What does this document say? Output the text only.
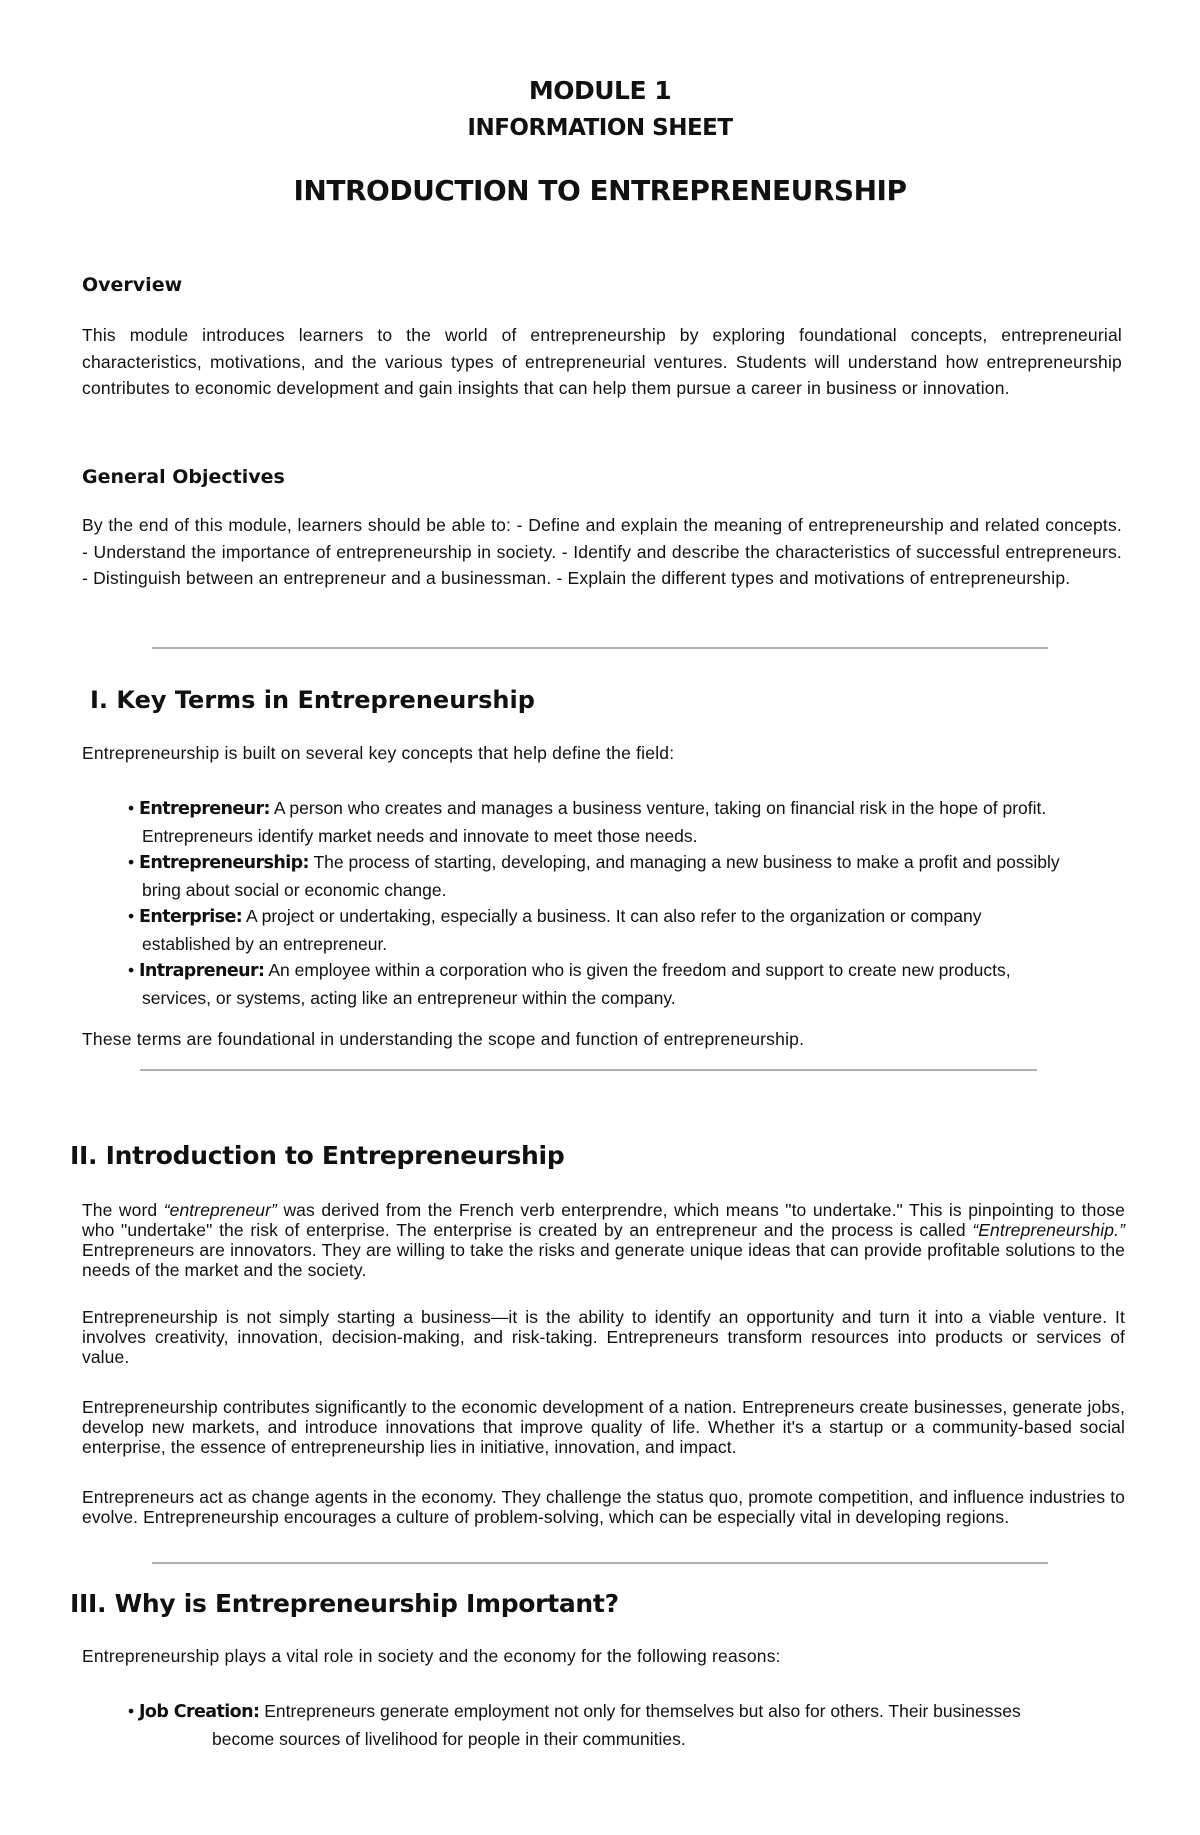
MODULE 1
INFORMATION SHEET
INTRODUCTION TO ENTREPRENEURSHIP
Overview

This module introduces learners to the world of entrepreneurship by exploring foundational concepts, entrepreneurial characteristics, motivations, and the various types of entrepreneurial ventures. Students will understand how entrepreneurship contributes to economic development and gain insights that can help them pursue a career in business or innovation.

General Objectives

By the end of this module, learners should be able to: - Define and explain the meaning of entrepreneurship and related concepts. - Understand the importance of entrepreneurship in society. - Identify and describe the characteristics of successful entrepreneurs. - Distinguish between an entrepreneur and a businessman. - Explain the different types and motivations of entrepreneurship.

I. Key Terms in Entrepreneurship

Entrepreneurship is built on several key concepts that help define the field:

• Entrepreneur: A person who creates and manages a business venture, taking on financial risk in the hope of profit.
Entrepreneurs identify market needs and innovate to meet those needs.
• Entrepreneurship: The process of starting, developing, and managing a new business to make a profit and possibly
bring about social or economic change.
• Enterprise: A project or undertaking, especially a business. It can also refer to the organization or company
established by an entrepreneur.
• Intrapreneur: An employee within a corporation who is given the freedom and support to create new products,
services, or systems, acting like an entrepreneur within the company.

These terms are foundational in understanding the scope and function of entrepreneurship.

II. Introduction to Entrepreneurship

The word “entrepreneur” was derived from the French verb enterprendre, which means "to undertake." This is pinpointing to those who "undertake" the risk of enterprise. The enterprise is created by an entrepreneur and the process is called “Entrepreneurship.” Entrepreneurs are innovators. They are willing to take the risks and generate unique ideas that can provide profitable solutions to the needs of the market and the society.

Entrepreneurship is not simply starting a business—it is the ability to identify an opportunity and turn it into a viable venture. It involves creativity, innovation, decision-making, and risk-taking. Entrepreneurs transform resources into products or services of value.

Entrepreneurship contributes significantly to the economic development of a nation. Entrepreneurs create businesses, generate jobs, develop new markets, and introduce innovations that improve quality of life. Whether it's a startup or a community-based social enterprise, the essence of entrepreneurship lies in initiative, innovation, and impact.

Entrepreneurs act as change agents in the economy. They challenge the status quo, promote competition, and influence industries to evolve. Entrepreneurship encourages a culture of problem-solving, which can be especially vital in developing regions.

III. Why is Entrepreneurship Important?

Entrepreneurship plays a vital role in society and the economy for the following reasons:

• Job Creation: Entrepreneurs generate employment not only for themselves but also for others. Their businesses
become sources of livelihood for people in their communities.
